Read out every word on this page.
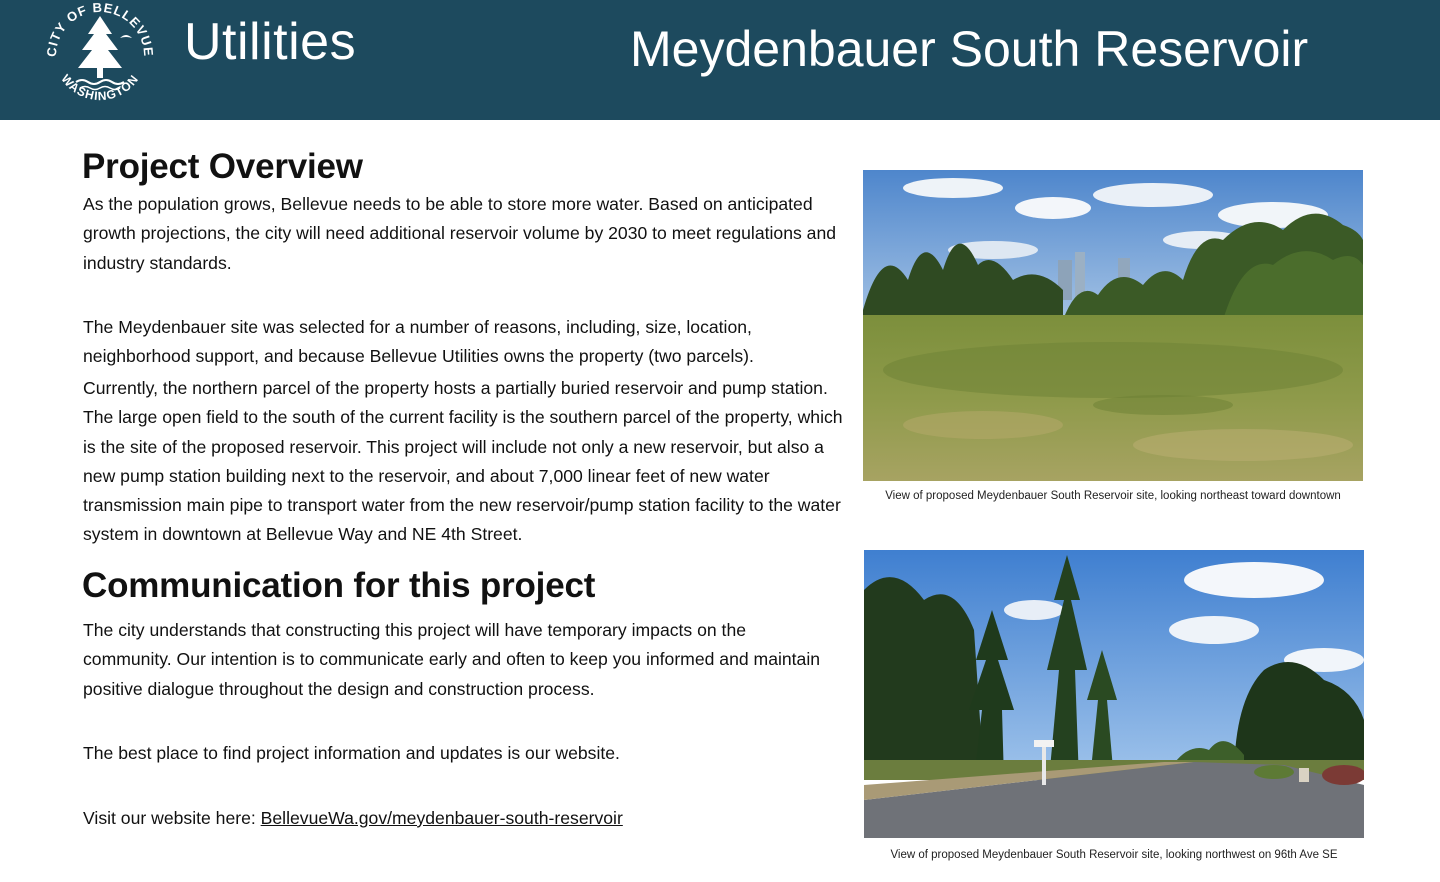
CITY OF BELLEVUE
WASHINGTON
Utilities	Meydenbauer South Reservoir
Project Overview

As the population grows, Bellevue needs to be able to store more water. Based on anticipated growth projections, the city will need additional reservoir volume by 2030 to meet regulations and industry standards.

The Meydenbauer site was selected for a number of reasons, including, size, location, neighborhood support, and because Bellevue Utilities owns the property (two parcels).

Currently, the northern parcel of the property hosts a partially buried reservoir and pump station. The large open field to the south of the current facility is the southern parcel of the property, which is the site of the proposed reservoir. This project will include not only a new reservoir, but also a new pump station building next to the reservoir, and about 7,000 linear feet of new water transmission main pipe to transport water from the new reservoir/pump station facility to the water system in downtown at Bellevue Way and NE 4th Street.

Communication for this project

The city understands that constructing this project will have temporary impacts on the community. Our intention is to communicate early and often to keep you informed and maintain positive dialogue throughout the design and construction process.

The best place to find project information and updates is our website.

Visit our website here: BellevueWa.gov/meydenbauer-south-reservoir

View of proposed Meydenbauer South Reservoir site, looking northeast toward downtown
View of proposed Meydenbauer South Reservoir site, looking northwest on 96th Ave SE
